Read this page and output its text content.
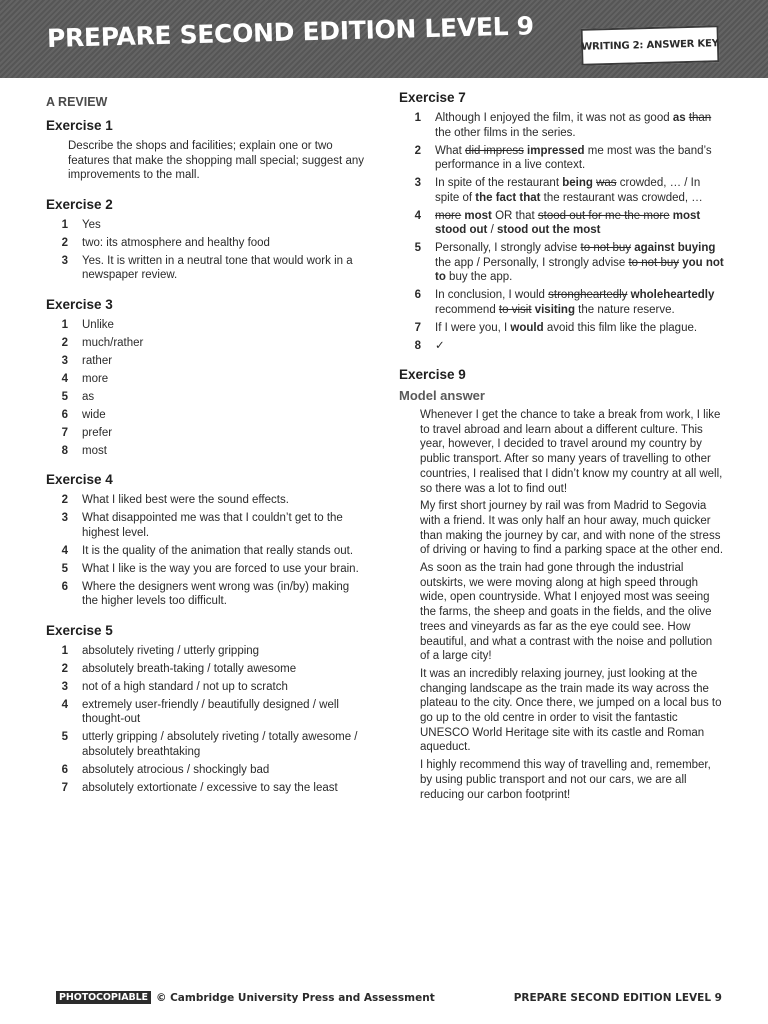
PREPARE SECOND EDITION LEVEL 9	WRITING 2: ANSWER KEY
A REVIEW
Exercise 1
Describe the shops and facilities; explain one or two features that make the shopping mall special; suggest any improvements to the mall.
Exercise 2
1	Yes
2	two: its atmosphere and healthy food
3	Yes. It is written in a neutral tone that would work in a newspaper review.
Exercise 3
1	Unlike
2	much/rather
3	rather
4	more
5	as
6	wide
7	prefer
8	most
Exercise 4
2	What I liked best were the sound effects.
3	What disappointed me was that I couldn’t get to the highest level.
4	It is the quality of the animation that really stands out.
5	What I like is the way you are forced to use your brain.
6	Where the designers went wrong was (in/by) making the higher levels too difficult.
Exercise 5
1	absolutely riveting / utterly gripping
2	absolutely breath-taking / totally awesome
3	not of a high standard / not up to scratch
4	extremely user-friendly / beautifully designed / well thought-out
5	utterly gripping / absolutely riveting / totally awesome / absolutely breathtaking
6	absolutely atrocious / shockingly bad
7	absolutely extortionate / excessive to say the least
Exercise 7
1	Although I enjoyed the film, it was not as good as than the other films in the series.
2	What did impress impressed me most was the band’s performance in a live context.
3	In spite of the restaurant being was crowded, … / In spite of the fact that the restaurant was crowded, …
4	more most OR that stood out for me the more most stood out / stood out the most
5	Personally, I strongly advise to not buy against buying the app / Personally, I strongly advise to not buy you not to buy the app.
6	In conclusion, I would strongheartedly wholeheartedly recommend to visit visiting the nature reserve.
7	If I were you, I would avoid this film like the plague.
8	✓
Exercise 9
Model answer
Whenever I get the chance to take a break from work, I like to travel abroad and learn about a different culture. This year, however, I decided to travel around my country by public transport. After so many years of travelling to other countries, I realised that I didn’t know my country at all well, so there was a lot to find out!
My first short journey by rail was from Madrid to Segovia with a friend. It was only half an hour away, much quicker than making the journey by car, and with none of the stress of driving or having to find a parking space at the other end.
As soon as the train had gone through the industrial outskirts, we were moving along at high speed through wide, open countryside. What I enjoyed most was seeing the farms, the sheep and goats in the fields, and the olive trees and vineyards as far as the eye could see. How beautiful, and what a contrast with the noise and pollution of a large city!
It was an incredibly relaxing journey, just looking at the changing landscape as the train made its way across the plateau to the city. Once there, we jumped on a local bus to go up to the old centre in order to visit the fantastic UNESCO World Heritage site with its castle and Roman aqueduct.
I highly recommend this way of travelling and, remember, by using public transport and not our cars, we are all reducing our carbon footprint!
PHOTOCOPIABLE © Cambridge University Press and Assessment	PREPARE SECOND EDITION LEVEL 9
